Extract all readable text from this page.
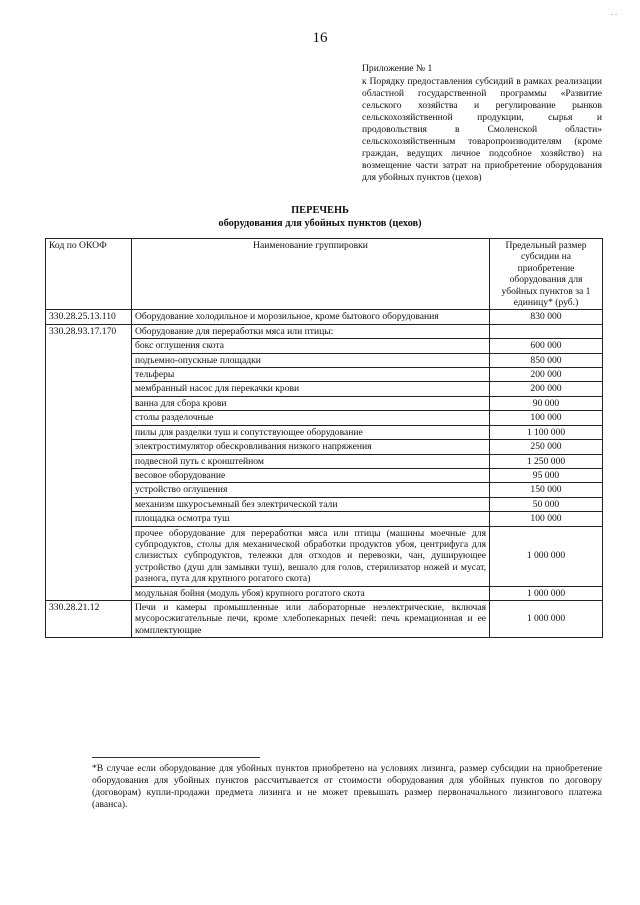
. .
16
Приложение № 1
к Порядку предоставления субсидий в рамках реализации областной государственной программы «Развитие сельского хозяйства и регулирование рынков сельскохозяйственной продукции, сырья и продовольствия в Смоленской области» сельскохозяйственным товаропроизводителям (кроме граждан, ведущих личное подсобное хозяйство) на возмещение части затрат на приобретение оборудования для убойных пунктов (цехов)
ПЕРЕЧЕНЬ
оборудования для убойных пунктов (цехов)
Код по ОКОФ	Наименование группировки	Предельный размер субсидии на приобретение оборудования для убойных пунктов за 1 единицу* (руб.)
330.28.25.13.110	Оборудование холодильное и морозильное, кроме бытового оборудования	830 000
330.28.93.17.170	Оборудование для переработки мяса или птицы:	
	бокс оглушения скота	600 000
	подъемно-опускные площадки	850 000
	тельферы	200 000
	мембранный насос для перекачки крови	200 000
	ванна для сбора крови	90 000
	столы разделочные	100 000
	пилы для разделки туш и сопутствующее оборудование	1 100 000
	электростимулятор обескровливания низкого напряжения	250 000
	подвесной путь с кронштейном	1 250 000
	весовое оборудование	95 000
	устройство оглушения	150 000
	механизм шкуросъемный без электрической тали	50 000
	площадка осмотра туш	100 000
	прочее оборудование для переработки мяса или птицы (машины моечные для субпродуктов, столы для механической обработки продуктов убоя, центрифуга для слизистых субпродуктов, тележки для отходов и перевозки, чан, душирующее устройство (душ для замывки туш), вешало для голов, стерилизатор ножей и мусат, разнога, пута для крупного рогатого скота)	1 000 000
	модульная бойня (модуль убоя) крупного рогатого скота	1 000 000
330.28.21.12	Печи и камеры промышленные или лабораторные неэлектрические, включая мусоросжигательные печи, кроме хлебопекарных печей: печь кремационная и ее комплектующие	1 000 000
*В случае если оборудование для убойных пунктов приобретено на условиях лизинга, размер субсидии на приобретение оборудования для убойных пунктов рассчитывается от стоимости оборудования для убойных пунктов по договору (договорам) купли-продажи предмета лизинга и не может превышать размер первоначального лизингового платежа (аванса).
